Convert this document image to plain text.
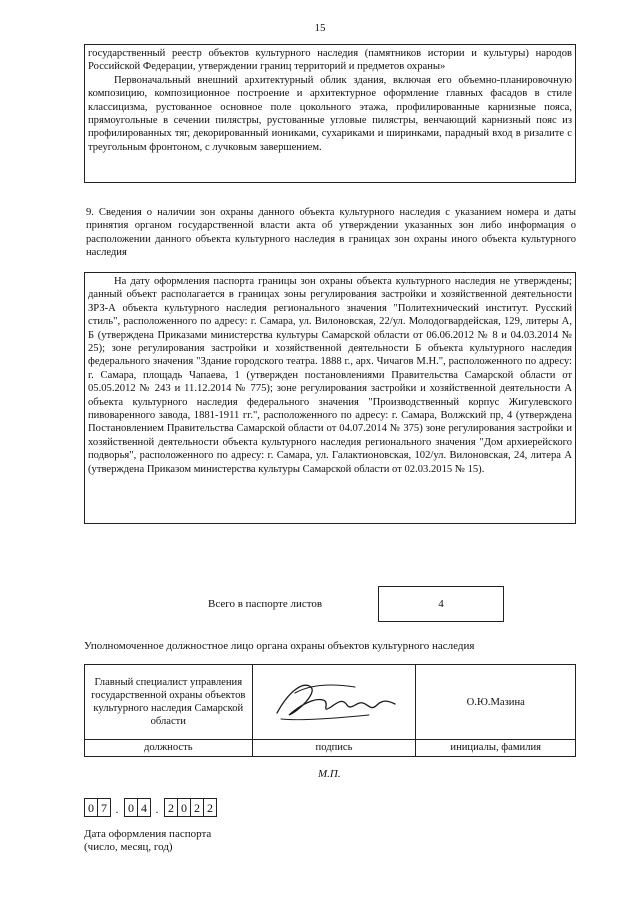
15

государственный реестр объектов культурного наследия (памятников истории и культуры) народов Российской Федерации, утверждении границ территорий и предметов охраны»

Первоначальный внешний архитектурный облик здания, включая его объемно-планировочную композицию, композиционное построение и архитектурное оформление главных фасадов в стиле классицизма, рустованное основное поле цокольного этажа, профилированные карнизные пояса, прямоугольные в сечении пилястры, рустованные угловые пилястры, венчающий карнизный пояс из профилированных тяг, декорированный иониками, сухариками и ширинками, парадный вход в ризалите с треугольным фронтоном, с лучковым завершением.

9. Сведения о наличии зон охраны данного объекта культурного наследия с указанием номера и даты принятия органом государственной власти акта об утверждении указанных зон либо информация о расположении данного объекта культурного наследия в границах зон охраны иного объекта культурного наследия

На дату оформления паспорта границы зон охраны объекта культурного наследия не утверждены; данный объект располагается в границах зоны регулирования застройки и хозяйственной деятельности ЗРЗ-А объекта культурного наследия регионального значения "Политехнический институт. Русский стиль", расположенного по адресу: г. Самара, ул. Вилоновская, 22/ул. Молодогвардейская, 129, литеры А, Б (утверждена Приказами министерства культуры Самарской области от 06.06.2012 № 8 и 04.03.2014 № 25); зоне регулирования застройки и хозяйственной деятельности Б объекта культурного наследия федерального значения "Здание городского театра. 1888 г., арх. Чичагов М.Н.", расположенного по адресу: г. Самара, площадь Чапаева, 1 (утвержден постановлениями Правительства Самарской области от 05.05.2012 № 243 и 11.12.2014 № 775); зоне регулирования застройки и хозяйственной деятельности А объекта культурного наследия федерального значения "Производственный корпус Жигулевского пивоваренного завода, 1881-1911 гг.", расположенного по адресу: г. Самара, Волжский пр, 4 (утверждена Постановлением Правительства Самарской области от 04.07.2014 № 375) зоне регулирования застройки и хозяйственной деятельности объекта культурного наследия регионального значения "Дом архиерейского подворья", расположенного по адресу: г. Самара, ул. Галактионовская, 102/ул. Вилоновская, 24, литера А (утверждена Приказом министерства культуры Самарской области от 02.03.2015 № 15).

Всего в паспорте листов	4
Уполномоченное должностное лицо органа охраны объектов культурного наследия
Главный специалист управления государственной охраны объектов культурного наследия Самарской области		О.Ю.Мазина
должность	подпись	инициалы, фамилия
М.П.
0 7 . 0 4 . 2 0 2 2
Дата оформления паспорта
(число, месяц, год)
